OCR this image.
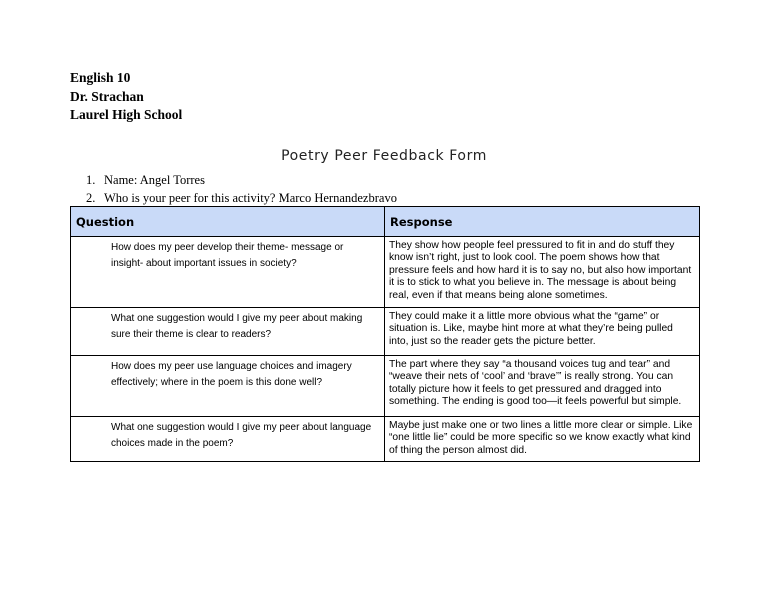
English 10
Dr. Strachan
Laurel High School
Poetry Peer Feedback Form
1. Name: Angel Torres
2. Who is your peer for this activity? Marco Hernandezbravo
Question	Response

How does my peer develop their theme- message or insight- about important issues in society?	They show how people feel pressured to fit in and do stuff they know isn’t right, just to look cool. The poem shows how that pressure feels and how hard it is to say no, but also how important it is to stick to what you believe in. The message is about being real, even if that means being alone sometimes.

What one suggestion would I give my peer about making sure their theme is clear to readers?	They could make it a little more obvious what the “game” or situation is. Like, maybe hint more at what they’re being pulled into, just so the reader gets the picture better.

How does my peer use language choices and imagery effectively; where in the poem is this done well?	The part where they say “a thousand voices tug and tear” and “weave their nets of ‘cool’ and ‘brave’” is really strong. You can totally picture how it feels to get pressured and dragged into something. The ending is good too—it feels powerful but simple.

What one suggestion would I give my peer about language choices made in the poem?	Maybe just make one or two lines a little more clear or simple. Like “one little lie” could be more specific so we know exactly what kind of thing the person almost did.
